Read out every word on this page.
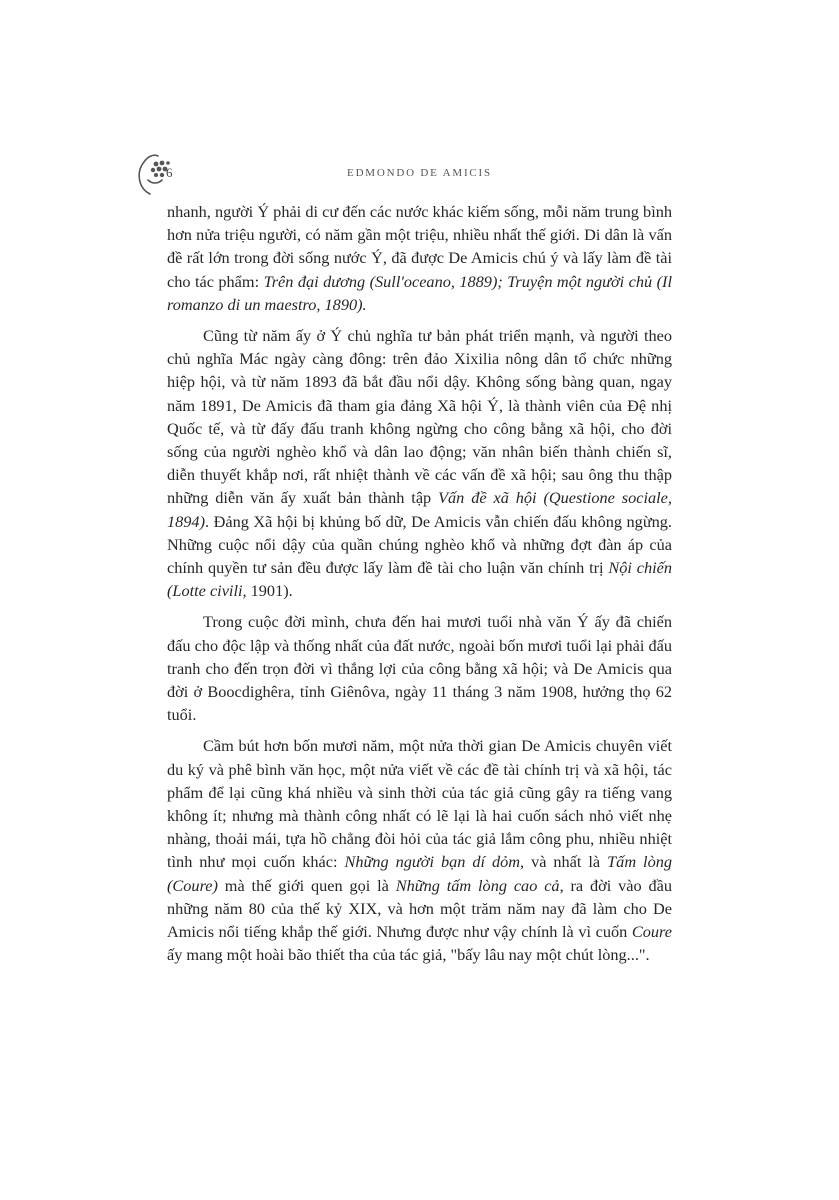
6	EDMONDO DE AMICIS

nhanh, người Ý phải di cư đến các nước khác kiếm sống, mỗi năm trung bình hơn nửa triệu người, có năm gần một triệu, nhiều nhất thế giới. Di dân là vấn đề rất lớn trong đời sống nước Ý, đã được De Amicis chú ý và lấy làm đề tài cho tác phẩm: Trên đại dương (Sull'oceano, 1889); Truyện một người chủ (Il romanzo di un maestro, 1890).

Cũng từ năm ấy ở Ý chủ nghĩa tư bản phát triển mạnh, và người theo chủ nghĩa Mác ngày càng đông: trên đảo Xixilia nông dân tổ chức những hiệp hội, và từ năm 1893 đã bắt đầu nổi dậy. Không sống bàng quan, ngay năm 1891, De Amicis đã tham gia đảng Xã hội Ý, là thành viên của Đệ nhị Quốc tế, và từ đấy đấu tranh không ngừng cho công bằng xã hội, cho đời sống của người nghèo khổ và dân lao động; văn nhân biến thành chiến sĩ, diễn thuyết khắp nơi, rất nhiệt thành về các vấn đề xã hội; sau ông thu thập những diễn văn ấy xuất bản thành tập Vấn đề xã hội (Questione sociale, 1894). Đảng Xã hội bị khủng bố dữ, De Amicis vẫn chiến đấu không ngừng. Những cuộc nổi dậy của quần chúng nghèo khổ và những đợt đàn áp của chính quyền tư sản đều được lấy làm đề tài cho luận văn chính trị Nội chiến (Lotte civili, 1901).

Trong cuộc đời mình, chưa đến hai mươi tuổi nhà văn Ý ấy đã chiến đấu cho độc lập và thống nhất của đất nước, ngoài bốn mươi tuổi lại phải đấu tranh cho đến trọn đời vì thắng lợi của công bằng xã hội; và De Amicis qua đời ở Boocdighêra, tỉnh Giênôva, ngày 11 tháng 3 năm 1908, hưởng thọ 62 tuổi.

Cầm bút hơn bốn mươi năm, một nửa thời gian De Amicis chuyên viết du ký và phê bình văn học, một nửa viết về các đề tài chính trị và xã hội, tác phẩm để lại cũng khá nhiều và sinh thời của tác giả cũng gây ra tiếng vang không ít; nhưng mà thành công nhất có lẽ lại là hai cuốn sách nhỏ viết nhẹ nhàng, thoải mái, tựa hồ chẳng đòi hỏi của tác giả lắm công phu, nhiều nhiệt tình như mọi cuốn khác: Những người bạn dí dỏm, và nhất là Tấm lòng (Coure) mà thế giới quen gọi là Những tấm lòng cao cả, ra đời vào đầu những năm 80 của thế kỷ XIX, và hơn một trăm năm nay đã làm cho De Amicis nổi tiếng khắp thế giới. Nhưng được như vậy chính là vì cuốn Coure ấy mang một hoài bão thiết tha của tác giả, "bấy lâu nay một chút lòng...".
